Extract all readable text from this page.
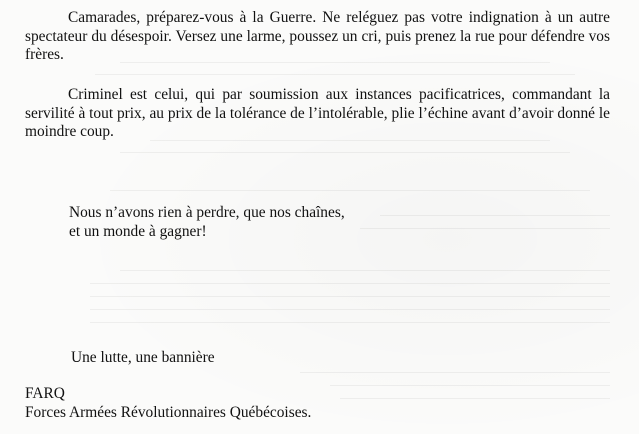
Camarades, préparez-vous à la Guerre. Ne reléguez pas votre indignation à un autre spectateur du désespoir. Versez une larme, poussez un cri, puis prenez la rue pour défendre vos frères.

Criminel est celui, qui par soumission aux instances pacificatrices, commandant la servilité à tout prix, au prix de la tolérance de l’intolérable, plie l’échine avant d’avoir donné le moindre coup.

Nous n’avons rien à perdre, que nos chaînes,
et un monde à gagner!

Une lutte, une bannière

FARQ
Forces Armées Révolutionnaires Québécoises.
